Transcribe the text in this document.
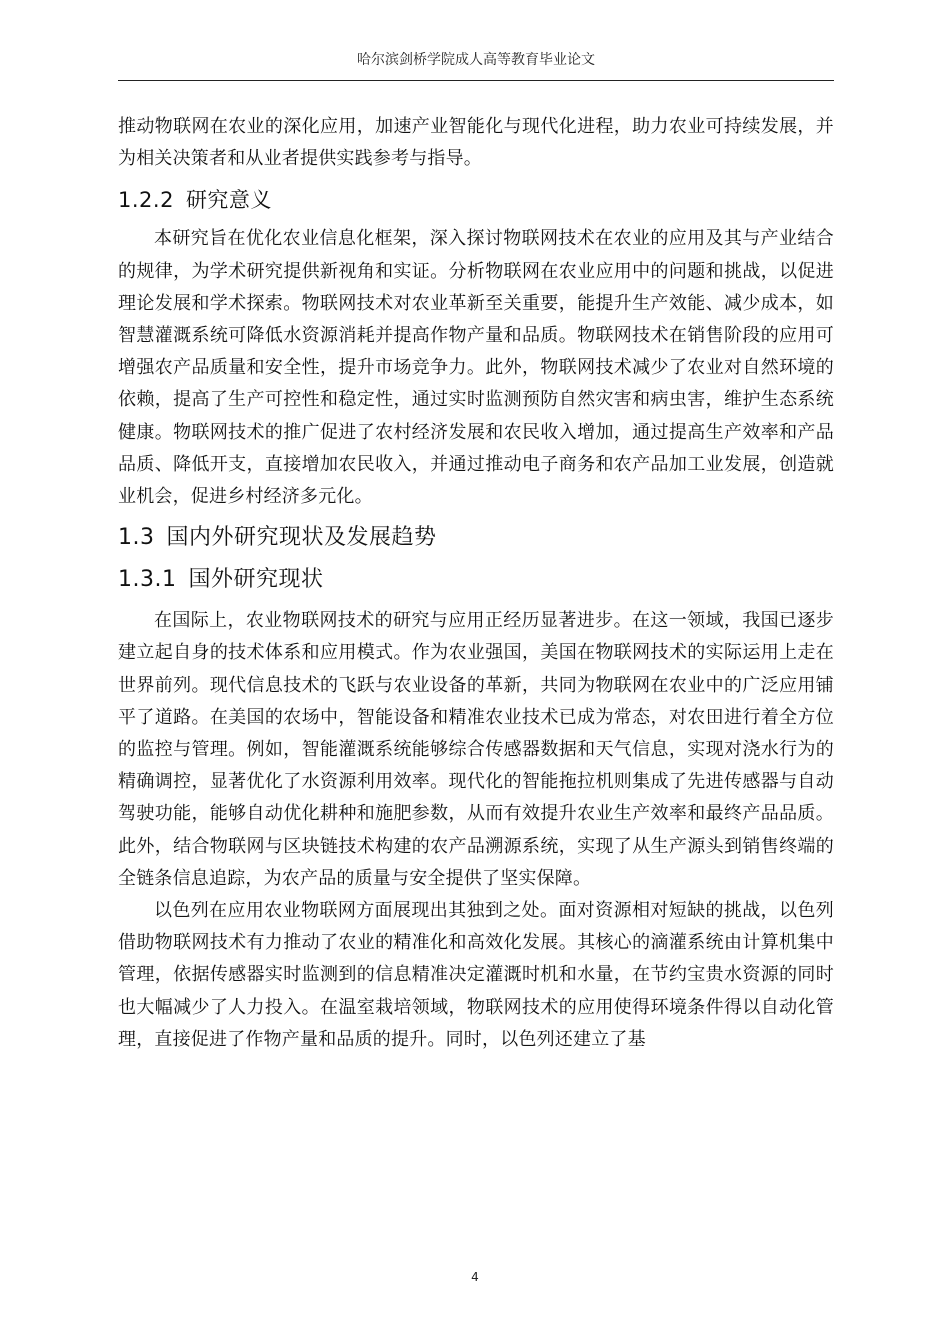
哈尔滨剑桥学院成人高等教育毕业论文

推动物联网在农业的深化应用，加速产业智能化与现代化进程，助力农业可持续发展，并为相关决策者和从业者提供实践参考与指导。

1.2.2 研究意义

本研究旨在优化农业信息化框架，深入探讨物联网技术在农业的应用及其与产业结合的规律，为学术研究提供新视角和实证。分析物联网在农业应用中的问题和挑战，以促进理论发展和学术探索。物联网技术对农业革新至关重要，能提升生产效能、减少成本，如智慧灌溉系统可降低水资源消耗并提高作物产量和品质。物联网技术在销售阶段的应用可增强农产品质量和安全性，提升市场竞争力。此外，物联网技术减少了农业对自然环境的依赖，提高了生产可控性和稳定性，通过实时监测预防自然灾害和病虫害，维护生态系统健康。物联网技术的推广促进了农村经济发展和农民收入增加，通过提高生产效率和产品品质、降低开支，直接增加农民收入，并通过推动电子商务和农产品加工业发展，创造就业机会，促进乡村经济多元化。

1.3 国内外研究现状及发展趋势
1.3.1 国外研究现状

在国际上，农业物联网技术的研究与应用正经历显著进步。在这一领域，我国已逐步建立起自身的技术体系和应用模式。作为农业强国，美国在物联网技术的实际运用上走在世界前列。现代信息技术的飞跃与农业设备的革新，共同为物联网在农业中的广泛应用铺平了道路。在美国的农场中，智能设备和精准农业技术已成为常态，对农田进行着全方位的监控与管理。例如，智能灌溉系统能够综合传感器数据和天气信息，实现对浇水行为的精确调控，显著优化了水资源利用效率。现代化的智能拖拉机则集成了先进传感器与自动驾驶功能，能够自动优化耕种和施肥参数，从而有效提升农业生产效率和最终产品品质。此外，结合物联网与区块链技术构建的农产品溯源系统，实现了从生产源头到销售终端的全链条信息追踪，为农产品的质量与安全提供了坚实保障。

以色列在应用农业物联网方面展现出其独到之处。面对资源相对短缺的挑战，以色列借助物联网技术有力推动了农业的精准化和高效化发展。其核心的滴灌系统由计算机集中管理，依据传感器实时监测到的信息精准决定灌溉时机和水量，在节约宝贵水资源的同时也大幅减少了人力投入。在温室栽培领域，物联网技术的应用使得环境条件得以自动化管理，直接促进了作物产量和品质的提升。同时，以色列还建立了基

4
